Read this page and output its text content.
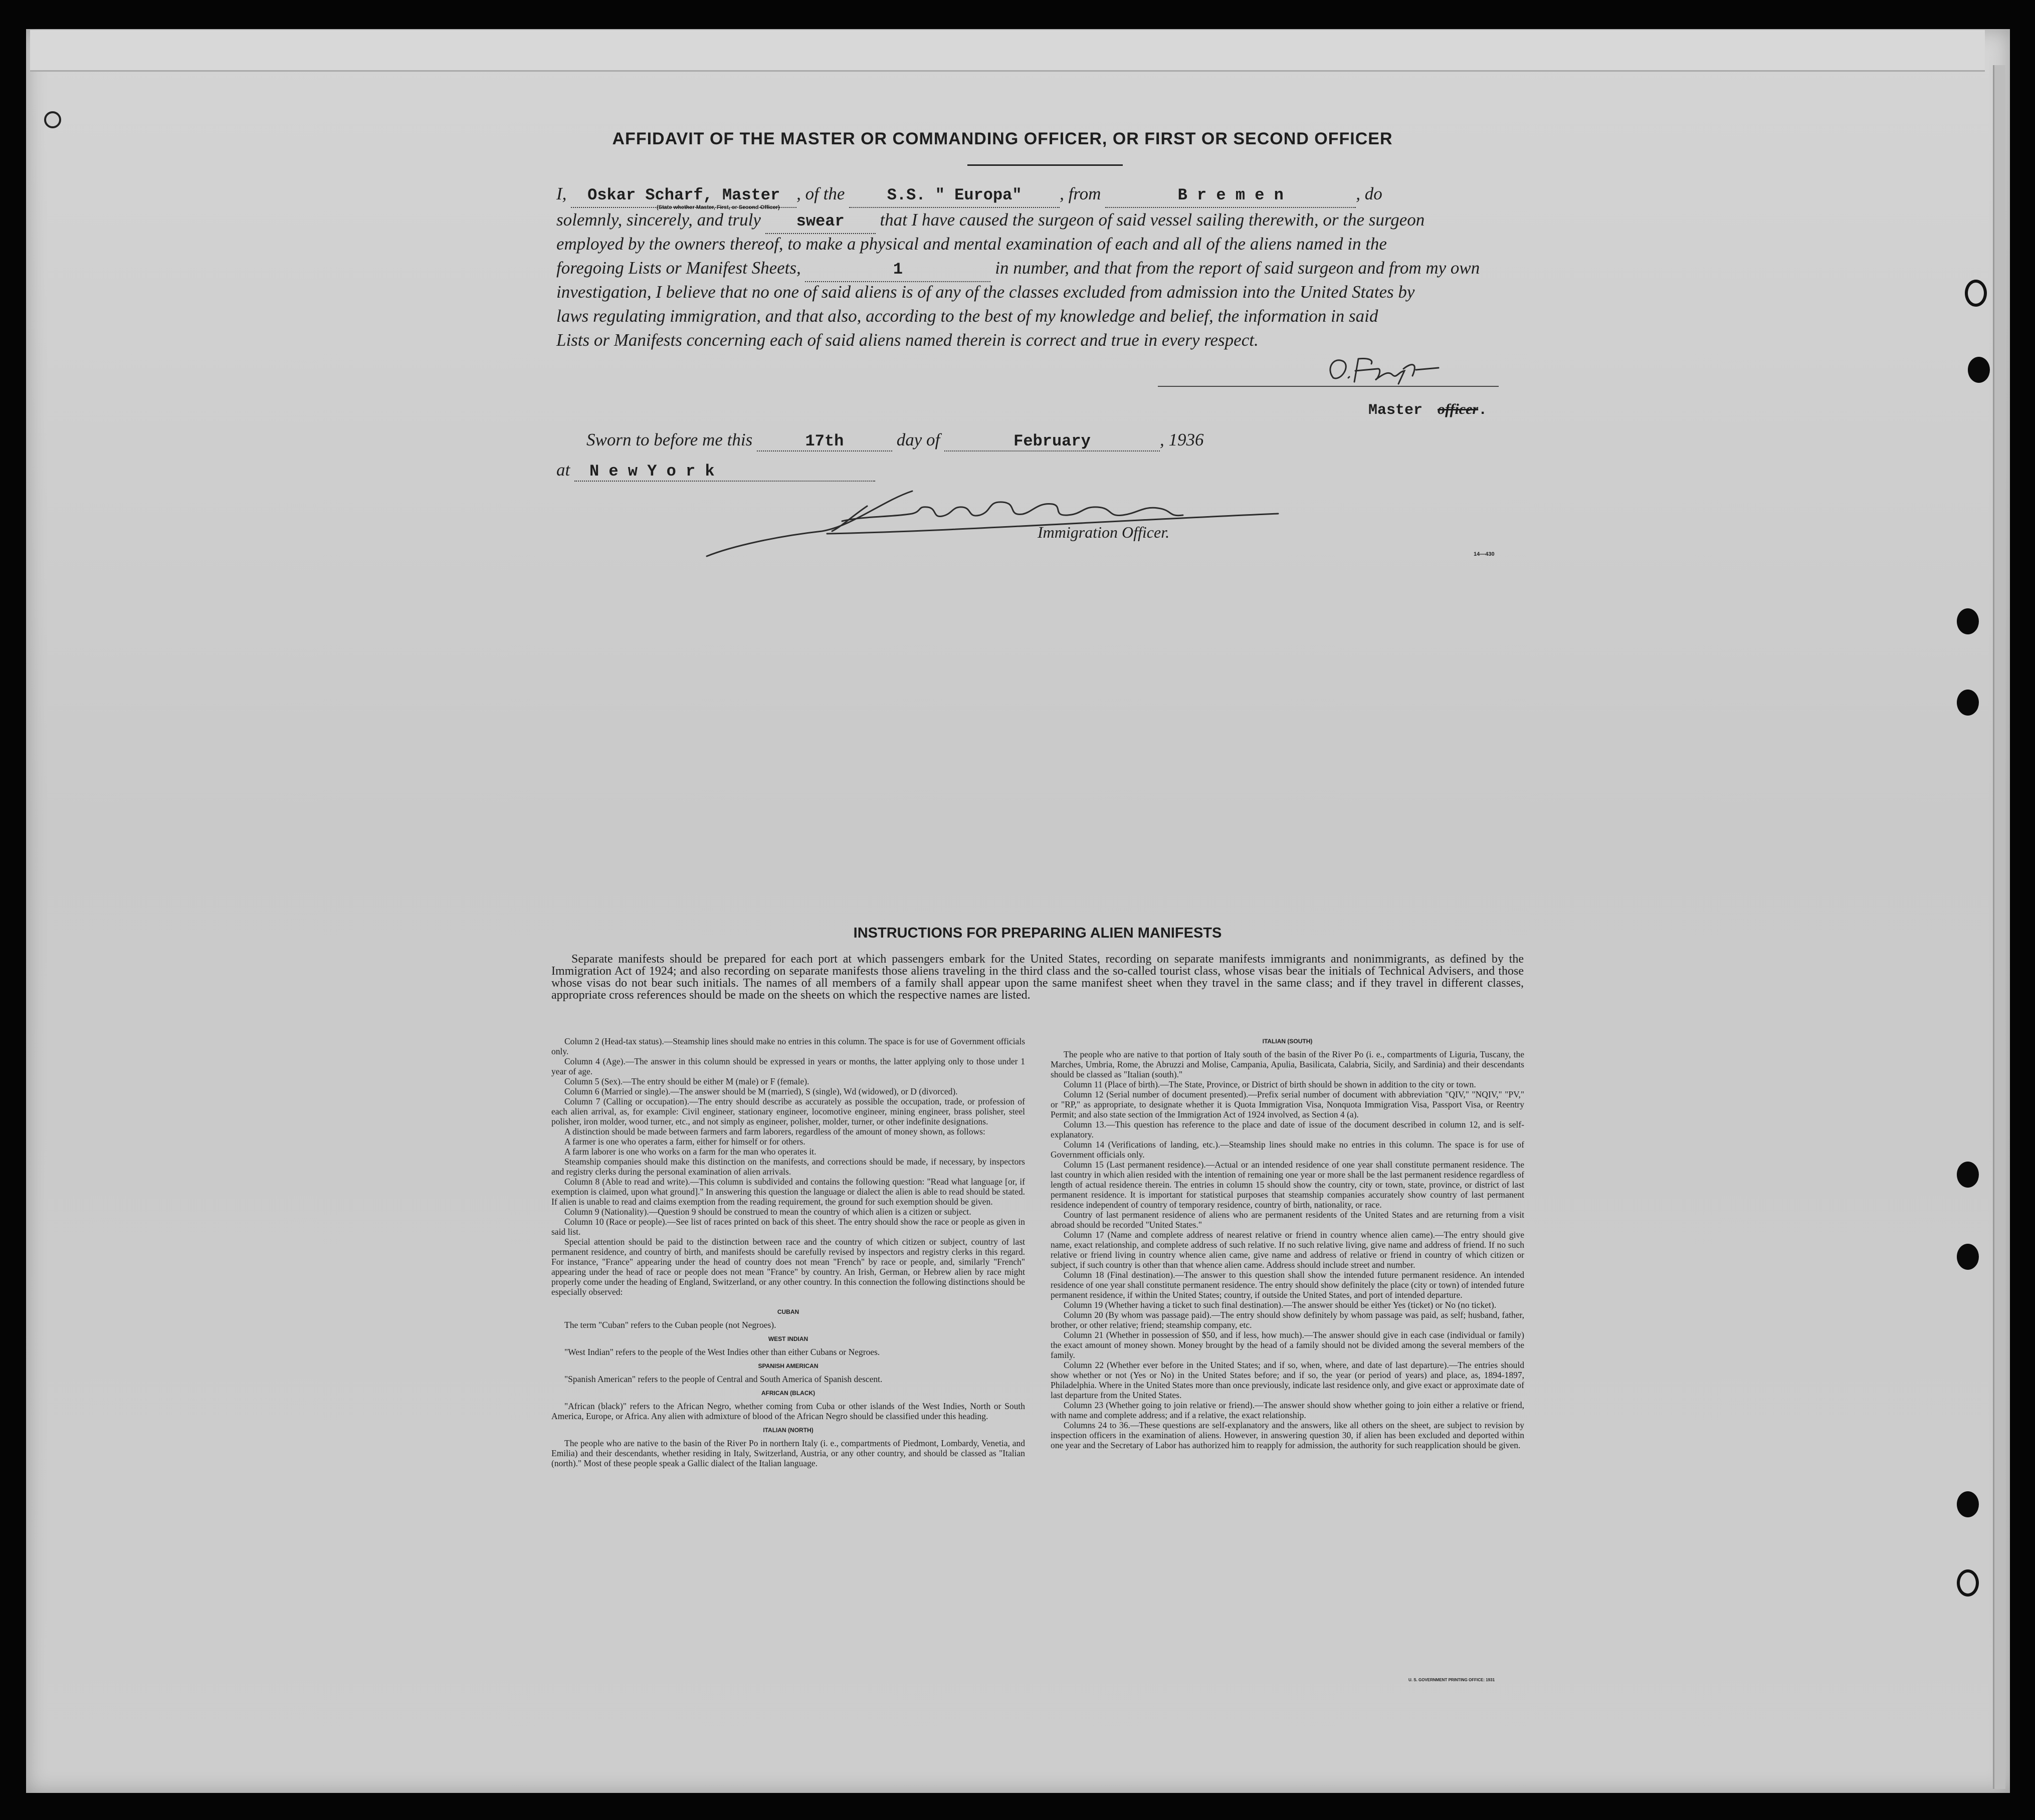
AFFIDAVIT OF THE MASTER OR COMMANDING OFFICER, OR FIRST OR SECOND OFFICER
I, Oskar Scharf, Master , of the	S.S. " Europa" , from	B r e m e n	, do
(State whether Master, First, or Second Officer)
solemnly, sincerely, and truly swear that I have caused the surgeon of said vessel sailing therewith, or the surgeon
employed by the owners thereof, to make a physical and mental examination of each and all of the aliens named in the
foregoing Lists or Manifest Sheets,	1	in number, and that from the report of said surgeon and from my own
investigation, I believe that no one of said aliens is of any of the classes excluded from admission into the United States by
laws regulating immigration, and that also, according to the best of my knowledge and belief, the information in said
Lists or Manifests concerning each of said aliens named therein is correct and true in every respect.
Master officer.
Sworn to before me this	17th	day of	February	, 1936
at N e w Y o r k
Immigration Officer.
14—430
INSTRUCTIONS FOR PREPARING ALIEN MANIFESTS

Separate manifests should be prepared for each port at which passengers embark for the United States, recording on separate manifests immigrants and nonimmigrants, as defined by the Immigration Act of 1924; and also recording on separate manifests those aliens traveling in the third class and the so-called tourist class, whose visas bear the initials of Technical Advisers, and those whose visas do not bear such initials. The names of all members of a family shall appear upon the same manifest sheet when they travel in the same class; and if they travel in different classes, appropriate cross references should be made on the sheets on which the respective names are listed.

Column 2 (Head-tax status).—Steamship lines should make no entries in this column. The space is for use of Government officials only.

Column 4 (Age).—The answer in this column should be expressed in years or months, the latter applying only to those under 1 year of age.

Column 5 (Sex).—The entry should be either M (male) or F (female).

Column 6 (Married or single).—The answer should be M (married), S (single), Wd (widowed), or D (divorced).

Column 7 (Calling or occupation).—The entry should describe as accurately as possible the occupation, trade, or profession of each alien arrival, as, for example: Civil engineer, stationary engineer, locomotive engineer, mining engineer, brass polisher, steel polisher, iron molder, wood turner, etc., and not simply as engineer, polisher, molder, turner, or other indefinite designations.

A distinction should be made between farmers and farm laborers, regardless of the amount of money shown, as follows:

A farmer is one who operates a farm, either for himself or for others.

A farm laborer is one who works on a farm for the man who operates it.

Steamship companies should make this distinction on the manifests, and corrections should be made, if necessary, by inspectors and registry clerks during the personal examination of alien arrivals.

Column 8 (Able to read and write).—This column is subdivided and contains the following question: "Read what language [or, if exemption is claimed, upon what ground]." In answering this question the language or dialect the alien is able to read should be stated. If alien is unable to read and claims exemption from the reading requirement, the ground for such exemption should be given.

Column 9 (Nationality).—Question 9 should be construed to mean the country of which alien is a citizen or subject.

Column 10 (Race or people).—See list of races printed on back of this sheet. The entry should show the race or people as given in said list.

Special attention should be paid to the distinction between race and the country of which citizen or subject, country of last permanent residence, and country of birth, and manifests should be carefully revised by inspectors and registry clerks in this regard. For instance, "France" appearing under the head of country does not mean "French" by race or people, and, similarly "French" appearing under the head of race or people does not mean "France" by country. An Irish, German, or Hebrew alien by race might properly come under the heading of England, Switzerland, or any other country. In this connection the following distinctions should be especially observed:

CUBAN

The term "Cuban" refers to the Cuban people (not Negroes).

WEST INDIAN

"West Indian" refers to the people of the West Indies other than either Cubans or Negroes.

SPANISH AMERICAN

"Spanish American" refers to the people of Central and South America of Spanish descent.

AFRICAN (BLACK)

"African (black)" refers to the African Negro, whether coming from Cuba or other islands of the West Indies, North or South America, Europe, or Africa. Any alien with admixture of blood of the African Negro should be classified under this heading.

ITALIAN (NORTH)

The people who are native to the basin of the River Po in northern Italy (i. e., compartments of Piedmont, Lombardy, Venetia, and Emilia) and their descendants, whether residing in Italy, Switzerland, Austria, or any other country, and should be classed as "Italian (north)." Most of these people speak a Gallic dialect of the Italian language.

ITALIAN (SOUTH)

The people who are native to that portion of Italy south of the basin of the River Po (i. e., compartments of Liguria, Tuscany, the Marches, Umbria, Rome, the Abruzzi and Molise, Campania, Apulia, Basilicata, Calabria, Sicily, and Sardinia) and their descendants should be classed as "Italian (south)."

Column 11 (Place of birth).—The State, Province, or District of birth should be shown in addition to the city or town.

Column 12 (Serial number of document presented).—Prefix serial number of document with abbreviation "QIV," "NQIV," "PV," or "RP," as appropriate, to designate whether it is Quota Immigration Visa, Nonquota Immigration Visa, Passport Visa, or Reentry Permit; and also state section of the Immigration Act of 1924 involved, as Section 4 (a).

Column 13.—This question has reference to the place and date of issue of the document described in column 12, and is self-explanatory.

Column 14 (Verifications of landing, etc.).—Steamship lines should make no entries in this column. The space is for use of Government officials only.

Column 15 (Last permanent residence).—Actual or an intended residence of one year shall constitute permanent residence. The last country in which alien resided with the intention of remaining one year or more shall be the last permanent residence regardless of length of actual residence therein. The entries in column 15 should show the country, city or town, state, province, or district of last permanent residence. It is important for statistical purposes that steamship companies accurately show country of last permanent residence independent of country of temporary residence, country of birth, nationality, or race.

Country of last permanent residence of aliens who are permanent residents of the United States and are returning from a visit abroad should be recorded "United States."

Column 17 (Name and complete address of nearest relative or friend in country whence alien came).—The entry should give name, exact relationship, and complete address of such relative. If no such relative living, give name and address of friend. If no such relative or friend living in country whence alien came, give name and address of relative or friend in country of which citizen or subject, if such country is other than that whence alien came. Address should include street and number.

Column 18 (Final destination).—The answer to this question shall show the intended future permanent residence. An intended residence of one year shall constitute permanent residence. The entry should show definitely the place (city or town) of intended future permanent residence, if within the United States; country, if outside the United States, and port of intended departure.

Column 19 (Whether having a ticket to such final destination).—The answer should be either Yes (ticket) or No (no ticket).

Column 20 (By whom was passage paid).—The entry should show definitely by whom passage was paid, as self; husband, father, brother, or other relative; friend; steamship company, etc.

Column 21 (Whether in possession of $50, and if less, how much).—The answer should give in each case (individual or family) the exact amount of money shown. Money brought by the head of a family should not be divided among the several members of the family.

Column 22 (Whether ever before in the United States; and if so, when, where, and date of last departure).—The entries should show whether or not (Yes or No) in the United States before; and if so, the year (or period of years) and place, as, 1894-1897, Philadelphia. Where in the United States more than once previously, indicate last residence only, and give exact or approximate date of last departure from the United States.

Column 23 (Whether going to join relative or friend).—The answer should show whether going to join either a relative or friend, with name and complete address; and if a relative, the exact relationship.

Columns 24 to 36.—These questions are self-explanatory and the answers, like all others on the sheet, are subject to revision by inspection officers in the examination of aliens. However, in answering question 30, if alien has been excluded and deported within one year and the Secretary of Labor has authorized him to reapply for admission, the authority for such reapplication should be given.

U. S. GOVERNMENT PRINTING OFFICE: 1931
